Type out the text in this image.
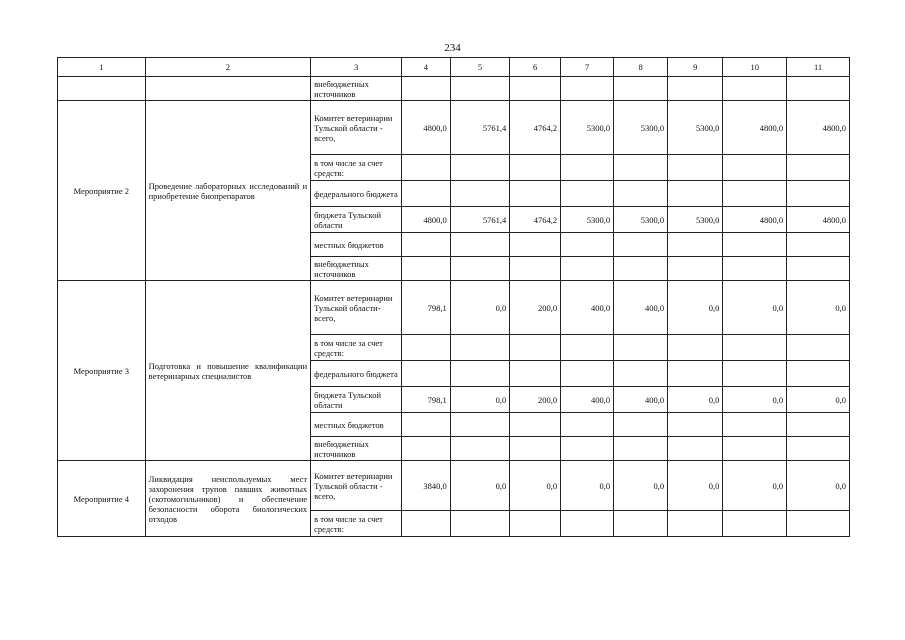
234
1	2	3	4	5	6	7	8	9	10	11
		внебюджетных источников								
Мероприятие 2	Проведение лабораторных исследований и приобретение биопрепаратов	Комитет ветеринарии Тульской области - всего,	4800,0	5761,4	4764,2	5300,0	5300,0	5300,0	4800,0	4800,0
		в том числе за счет средств:								
		федерального бюджета								
		бюджета Тульской области	4800,0	5761,4	4764,2	5300,0	5300,0	5300,0	4800,0	4800,0
		местных бюджетов								
		внебюджетных источников								
Мероприятие 3	Подготовка и повышение квалификации ветеринарных специалистов	Комитет ветеринарии Тульской области-всего,	798,1	0,0	200,0	400,0	400,0	0,0	0,0	0,0
		в том числе за счет средств:								
		федерального бюджета								
		бюджета Тульской области	798,1	0,0	200,0	400,0	400,0	0,0	0,0	0,0
		местных бюджетов								
		внебюджетных источников								
Мероприятие 4	Ликвидация неиспользуемых мест захоронения трупов павших животных (скотомогильников) и обеспечение безопасности оборота биологических отходов	Комитет ветеринарии Тульской области - всего,	3840,0	0,0	0,0	0,0	0,0	0,0	0,0	0,0
		в том числе за счет средств:								
